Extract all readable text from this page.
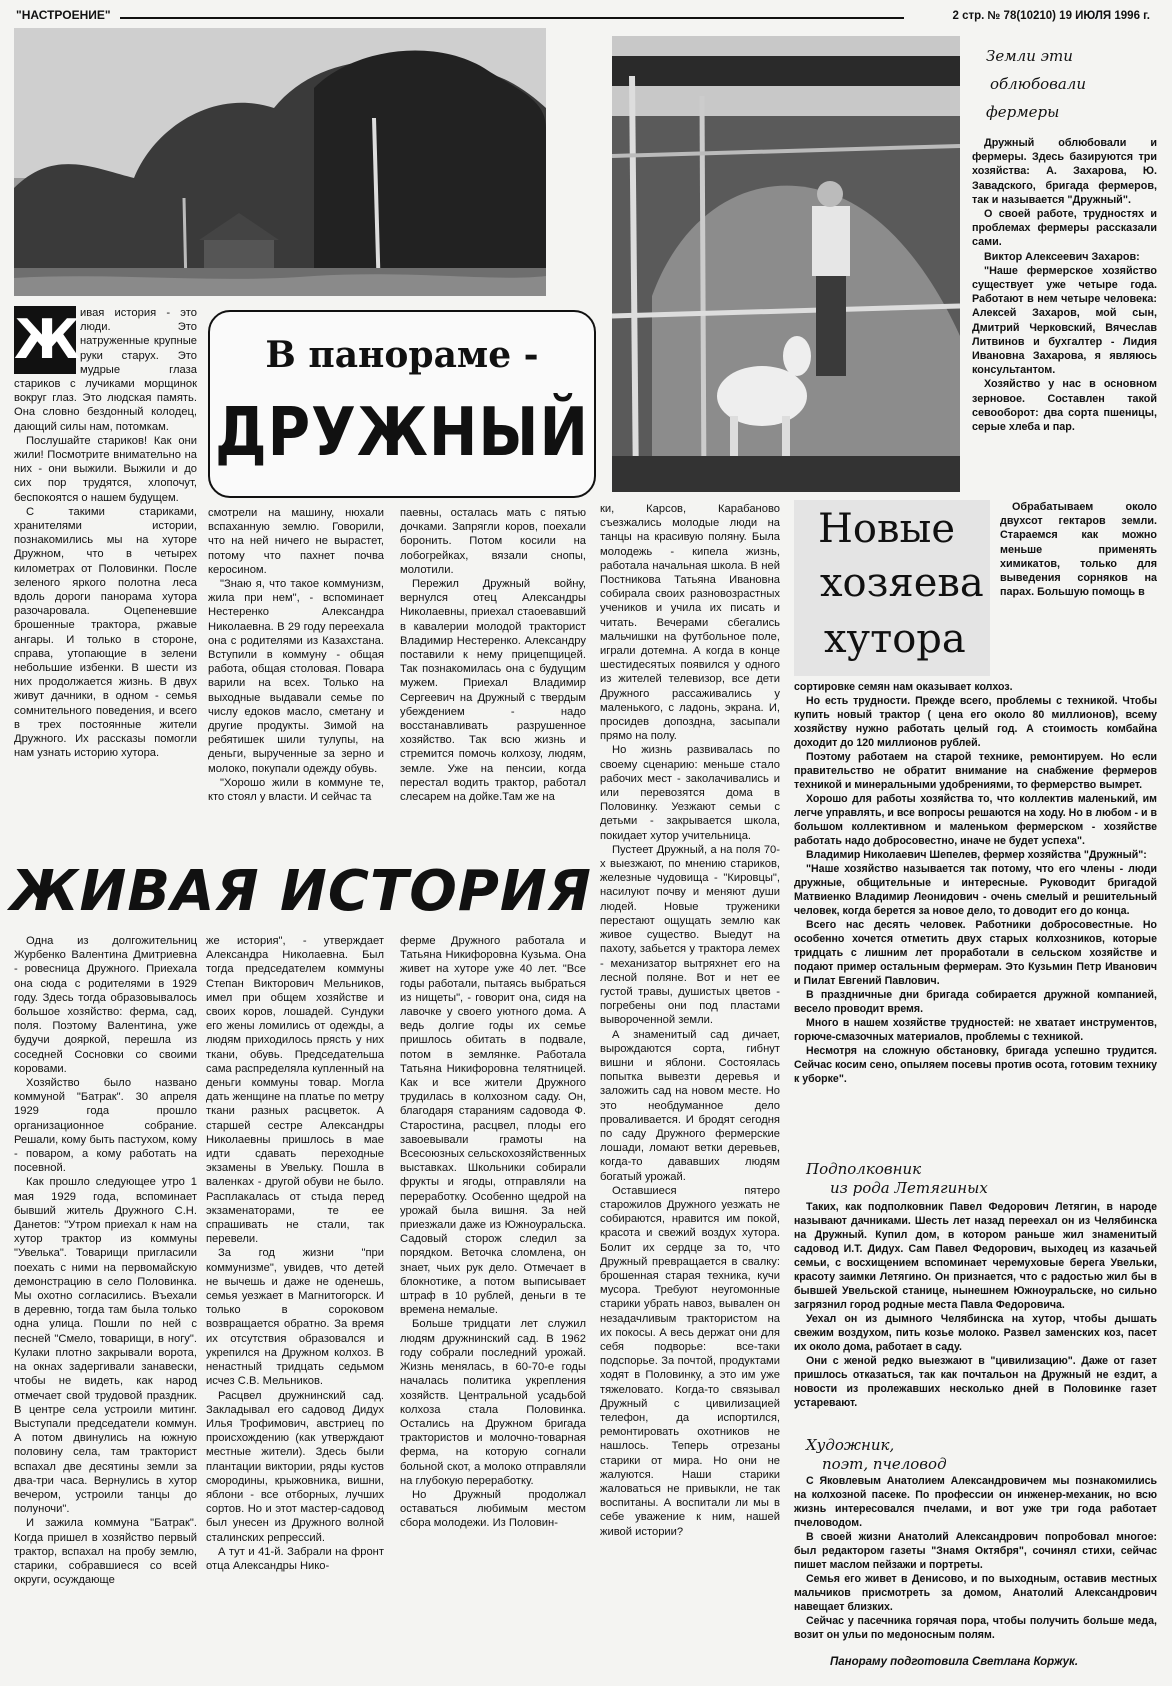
"НАСТРОЕНИЕ"	2 стр. № 78(10210) 19 ИЮЛЯ 1996 г.
Земли эти
облюбовали
фермеры

Дружный облюбовали и фермеры. Здесь базируются три хозяйства: А. Захарова, Ю. Завадского, бригада фермеров, так и называется "Дружный".

О своей работе, трудностях и проблемах фермеры рассказали сами.

Виктор Алексеевич Захаров:

"Наше фермерское хозяйство существует уже четыре года. Работают в нем четыре человека: Алексей Захаров, мой сын, Дмитрий Черковский, Вячеслав Литвинов и бухгалтер - Лидия Ивановна Захарова, я являюсь консультантом.

Хозяйство у нас в основном зерновое. Составлен такой севооборот: два сорта пшеницы, серые хлеба и пар.

Ж ивая история - это люди. Это натруженные крупные руки старух. Это мудрые глаза стариков с лучиками морщинок вокруг глаз. Это людская память. Она словно бездонный колодец, дающий силы нам, потомкам.

Послушайте стариков! Как они жили! Посмотрите внимательно на них - они выжили. Выжили и до сих пор трудятся, хлопочут, беспокоятся о нашем будущем.

С такими стариками, хранителями истории, познакомились мы на хуторе Дружном, что в четырех километрах от Половинки. После зеленого яркого полотна леса вдоль дороги панорама хутора разочаровала. Оцепеневшие брошенные трактора, ржавые ангары. И только в стороне, справа, утопающие в зелени небольшие избенки. В шести из них продолжается жизнь. В двух живут дачники, в одном - семья сомнительного поведения, и всего в трех постоянные жители Дружного. Их рассказы помогли нам узнать историю хутора.

В панораме -
ДРУЖНЫЙ
Новые
хозяева
хутора

Обрабатываем около двухсот гектаров земли. Стараемся как можно меньше применять химикатов, только для выведения сорняков на парах. Большую помощь в

сортировке семян нам оказывает колхоз.

Но есть трудности. Прежде всего, проблемы с техникой. Чтобы купить новый трактор ( цена его около 80 миллионов), всему хозяйству нужно работать целый год. А стоимость комбайна доходит до 120 миллионов рублей.

Поэтому работаем на старой технике, ремонтируем. Но если правительство не обратит внимание на снабжение фермеров техникой и минеральными удобрениями, то фермерство вымрет.

Хорошо для работы хозяйства то, что коллектив маленький, им легче управлять, и все вопросы решаются на ходу. Но в любом - и в большом коллективном и маленьком фермерском - хозяйстве работать надо добросовестно, иначе не будет успеха".

Владимир Николаевич Шепелев, фермер хозяйства "Дружный":

"Наше хозяйство называется так потому, что его члены - люди дружные, общительные и интересные. Руководит бригадой Матвиенко Владимир Леонидович - очень смелый и решительный человек, когда берется за новое дело, то доводит его до конца.

Всего нас десять человек. Работники добросовестные. Но особенно хочется отметить двух старых колхозников, которые тридцать с лишним лет проработали в сельском хозяйстве и подают пример остальным фермерам. Это Кузьмин Петр Иванович и Пилат Евгений Павлович.

В праздничные дни бригада собирается дружной компанией, весело проводит время.

Много в нашем хозяйстве трудностей: не хватает инструментов, горюче-смазочных материалов, проблемы с техникой.

Несмотря на сложную обстановку, бригада успешно трудится. Сейчас косим сено, опыляем посевы против осота, готовим технику к уборке".

Подполковник
из рода Летягиных

Таких, как подполковник Павел Федорович Летягин, в народе называют дачниками. Шесть лет назад переехал он из Челябинска на Дружный. Купил дом, в котором раньше жил знаменитый садовод И.Т. Дидух. Сам Павел Федорович, выходец из казачьей семьи, с восхищением вспоминает черемуховые берега Увельки, красоту заимки Летягино. Он признается, что с радостью жил бы в бывшей Увельской станице, нынешнем Южноуральске, но сильно загрязнил город родные места Павла Федоровича.

Уехал он из дымного Челябинска на хутор, чтобы дышать свежим воздухом, пить козье молоко. Развел заменских коз, пасет их около дома, работает в саду.

Они с женой редко выезжают в "цивилизацию". Даже от газет пришлось отказаться, так как почтальон на Дружный не ездит, а новости из пролежавших несколько дней в Половинке газет устаревают.

Художник,
поэт, пчеловод

С Яковлевым Анатолием Александровичем мы познакомились на колхозной пасеке. По профессии он инженер-механик, но всю жизнь интересовался пчелами, и вот уже три года работает пчеловодом.

В своей жизни Анатолий Александрович попробовал многое: был редактором газеты "Знамя Октября", сочинял стихи, сейчас пишет маслом пейзажи и портреты.

Семья его живет в Денисово, и по выходным, оставив местных мальчиков присмотреть за домом, Анатолий Александрович навещает близких.

Сейчас у пасечника горячая пора, чтобы получить больше меда, возит он ульи по медоносным полям.

Панораму подготовила Светлана Коржук.

смотрели на машину, нюхали вспаханную землю. Говорили, что на ней ничего не вырастет, потому что пахнет почва керосином.

"Знаю я, что такое коммунизм, жила при нем", - вспоминает Нестеренко Александра Николаевна. В 29 году переехала она с родителями из Казахстана. Вступили в коммуну - общая работа, общая столовая. Повара варили на всех. Только на выходные выдавали семье по числу едоков масло, сметану и другие продукты. Зимой на ребятишек шили тулупы, на деньги, вырученные за зерно и молоко, покупали одежду обувь.

"Хорошо жили в коммуне те, кто стоял у власти. И сейчас та

паевны, осталась мать с пятью дочками. Запрягли коров, поехали боронить. Потом косили на лобогрейках, вязали снопы, молотили.

Пережил Дружный войну, вернулся отец Александры Николаевны, приехал стаоевавший в кавалерии молодой тракторист Владимир Нестеренко. Александру поставили к нему прицепщицей. Так познакомилась она с будущим мужем. Приехал Владимир Сергеевич на Дружный с твердым убеждением - надо восстанавливать разрушенное хозяйство. Так всю жизнь и стремится помочь колхозу, людям, земле. Уже на пенсии, когда перестал водить трактор, работал слесарем на дойке.Там же на

ЖИВАЯ ИСТОРИЯ

ки, Карсов, Карабаново съезжались молодые люди на танцы на красивую поляну. Была молодежь - кипела жизнь, работала начальная школа. В ней Постникова Татьяна Ивановна собирала своих разновозрастных учеников и учила их писать и читать. Вечерами сбегались мальчишки на футбольное поле, играли дотемна. А когда в конце шестидесятых появился у одного из жителей телевизор, все дети Дружного рассаживались у маленького, с ладонь, экрана. И, просидев допоздна, засыпали прямо на полу.

Но жизнь развивалась по своему сценарию: меньше стало рабочих мест - заколачивались и или перевозятся дома в Половинку. Уезжают семьи с детьми - закрывается школа, покидает хутор учительница.

Пустеет Дружный, а на поля 70-х выезжают, по мнению стариков, железные чудовища - "Кировцы", насилуют почву и меняют души людей. Новые труженики перестают ощущать землю как живое существо. Выедут на пахоту, забьется у трактора лемех - механизатор вытряхнет его на лесной поляне. Вот и нет ее густой травы, душистых цветов - погребены они под пластами вывороченной земли.

А знаменитый сад дичает, вырождаются сорта, гибнут вишни и яблони. Состоялась попытка вывезти деревья и заложить сад на новом месте. Но это необдуманное дело проваливается. И бродят сегодня по саду Дружного фермерские лошади, ломают ветки деревьев, когда-то дававших людям богатый урожай.

Оставшиеся пятеро старожилов Дружного уезжать не собираются, нравится им покой, красота и свежий воздух хутора. Болит их сердце за то, что Дружный превращается в свалку: брошенная старая техника, кучи мусора. Требуют неугомонные старики убрать навоз, вывален он незадачливым трактористом на их покосы. А весь держат они для себя подворье: все-таки подспорье. За почтой, продуктами ходят в Половинку, а это им уже тяжеловато. Когда-то связывал Дружный с цивилизацией телефон, да испортился, ремонтировать охотников не нашлось. Теперь отрезаны старики от мира. Но они не жалуются. Наши старики жаловаться не привыкли, не так воспитаны. А воспитали ли мы в себе уважение к ним, нашей живой истории?

Одна из долгожительниц Журбенко Валентина Дмитриевна - ровесница Дружного. Приехала она сюда с родителями в 1929 году. Здесь тогда образовывалось большое хозяйство: ферма, сад, поля. Поэтому Валентина, уже будучи дояркой, перешла из соседней Сосновки со своими коровами.

Хозяйство было названо коммуной "Батрак". 30 апреля 1929 года прошло организационное собрание. Решали, кому быть пастухом, кому - поваром, а кому работать на посевной.

Как прошло следующее утро 1 мая 1929 года, вспоминает бывший житель Дружного С.Н. Данетов: "Утром приехал к нам на хутор трактор из коммуны "Увелька". Товарищи пригласили поехать с ними на первомайскую демонстрацию в село Половинка. Мы охотно согласились. Въехали в деревню, тогда там была только одна улица. Пошли по ней с песней "Смело, товарищи, в ногу". Кулаки плотно закрывали ворота, на окнах задергивали занавески, чтобы не видеть, как народ отмечает свой трудовой праздник. В центре села устроили митинг. Выступали председатели коммун. А потом двинулись на южную половину села, там тракторист вспахал две десятины земли за два-три часа. Вернулись в хутор вечером, устроили танцы до полуночи".

И зажила коммуна "Батрак". Когда пришел в хозяйство первый трактор, вспахал на пробу землю, старики, собравшиеся со всей округи, осуждающе

же история", - утверждает Александра Николаевна. Был тогда председателем коммуны Степан Викторович Мельников, имел при общем хозяйстве и своих коров, лошадей. Сундуки его жены ломились от одежды, а людям приходилось прясть у них ткани, обувь. Председательша сама распределяла купленный на деньги коммуны товар. Могла дать женщине на платье по метру ткани разных расцветок. А старшей сестре Александры Николаевны пришлось в мае идти сдавать переходные экзамены в Увельку. Пошла в валенках - другой обуви не было. Расплакалась от стыда перед экзаменаторами, те ее спрашивать не стали, так перевели.

За год жизни "при коммунизме", увидев, что детей не вычешь и даже не оденешь, семья уезжает в Магнитогорск. И только в сороковом возвращается обратно. За время их отсутствия образовался и укрепился на Дружном колхоз. В ненастный тридцать седьмом исчез С.В. Мельников.

Расцвел дружнинский сад. Закладывал его садовод Дидух Илья Трофимович, австриец по происхождению (как утверждают местные жители). Здесь были плантации виктории, ряды кустов смородины, крыжовника, вишни, яблони - все отборных, лучших сортов. Но и этот мастер-садовод был унесен из Дружного волной сталинских репрессий.

А тут и 41-й. Забрали на фронт отца Александры Нико-

ферме Дружного работала и Татьяна Никифоровна Кузьма. Она живет на хуторе уже 40 лет. "Все годы работали, пытаясь выбраться из нищеты", - говорит она, сидя на лавочке у своего уютного дома. А ведь долгие годы их семье пришлось обитать в подвале, потом в землянке. Работала Татьяна Никифоровна телятницей. Как и все жители Дружного трудилась в колхозном саду. Он, благодаря стараниям садовода Ф. Старостина, расцвел, плоды его завоевывали грамоты на Всесоюзных сельскохозяйственных выставках. Школьники собирали фрукты и ягоды, отправляли на переработку. Особенно щедрой на урожай была вишня. За ней приезжали даже из Южноуральска. Садовый сторож следил за порядком. Веточка сломлена, он знает, чьих рук дело. Отмечает в блокнотике, а потом выписывает штраф в 10 рублей, деньги в те времена немалые.

Больше тридцати лет служил людям дружнинский сад. В 1962 году собрали последний урожай. Жизнь менялась, в 60-70-е годы началась политика укрепления хозяйств. Центральной усадьбой колхоза стала Половинка. Остались на Дружном бригада трактористов и молочно-товарная ферма, на которую согнали больной скот, а молоко отправляли на глубокую переработку.

Но Дружный продолжал оставаться любимым местом сбора молодежи. Из Половин-
